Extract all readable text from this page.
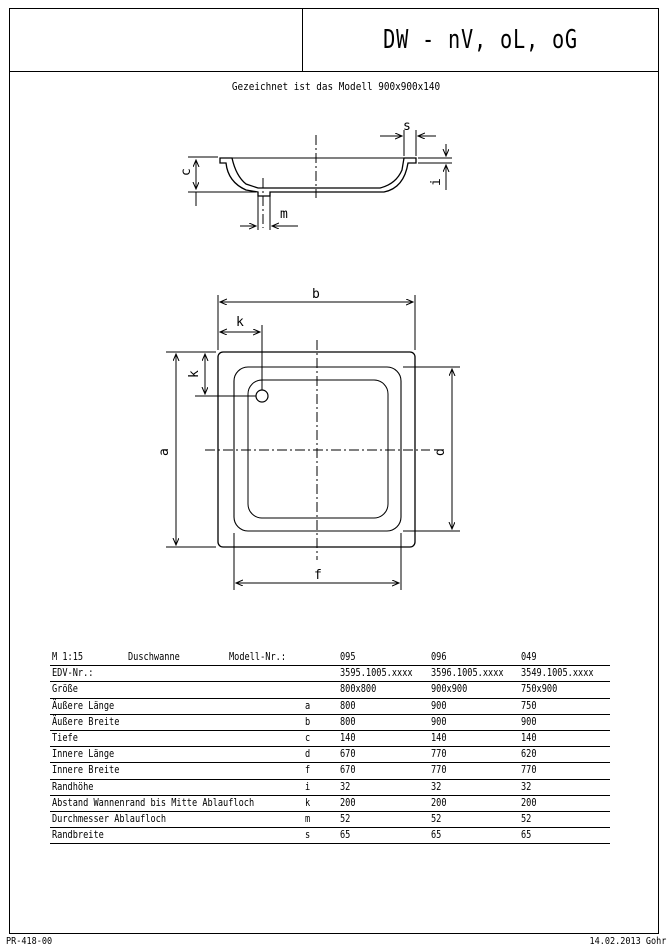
DW - nV, oL, oG
Gezeichnet ist das Modell 900x900x140
b
k
k
a	d
f
s
c
i
m
M 1:15	Duschwanne	Modell-Nr.:		095	096	049
EDV-Nr.:				3595.1005.xxxx	3596.1005.xxxx	3549.1005.xxxx
Größe				800x800	900x900	750x900
Äußere Länge			a	800	900	750
Äußere Breite			b	800	900	900
Tiefe			c	140	140	140
Innere Länge			d	670	770	620
Innere Breite			f	670	770	770
Randhöhe			i	32	32	32
Abstand Wannenrand bis Mitte Ablaufloch			k	200	200	200
Durchmesser Ablaufloch			m	52	52	52
Randbreite			s	65	65	65
PR-418-00	14.02.2013 Gohr
